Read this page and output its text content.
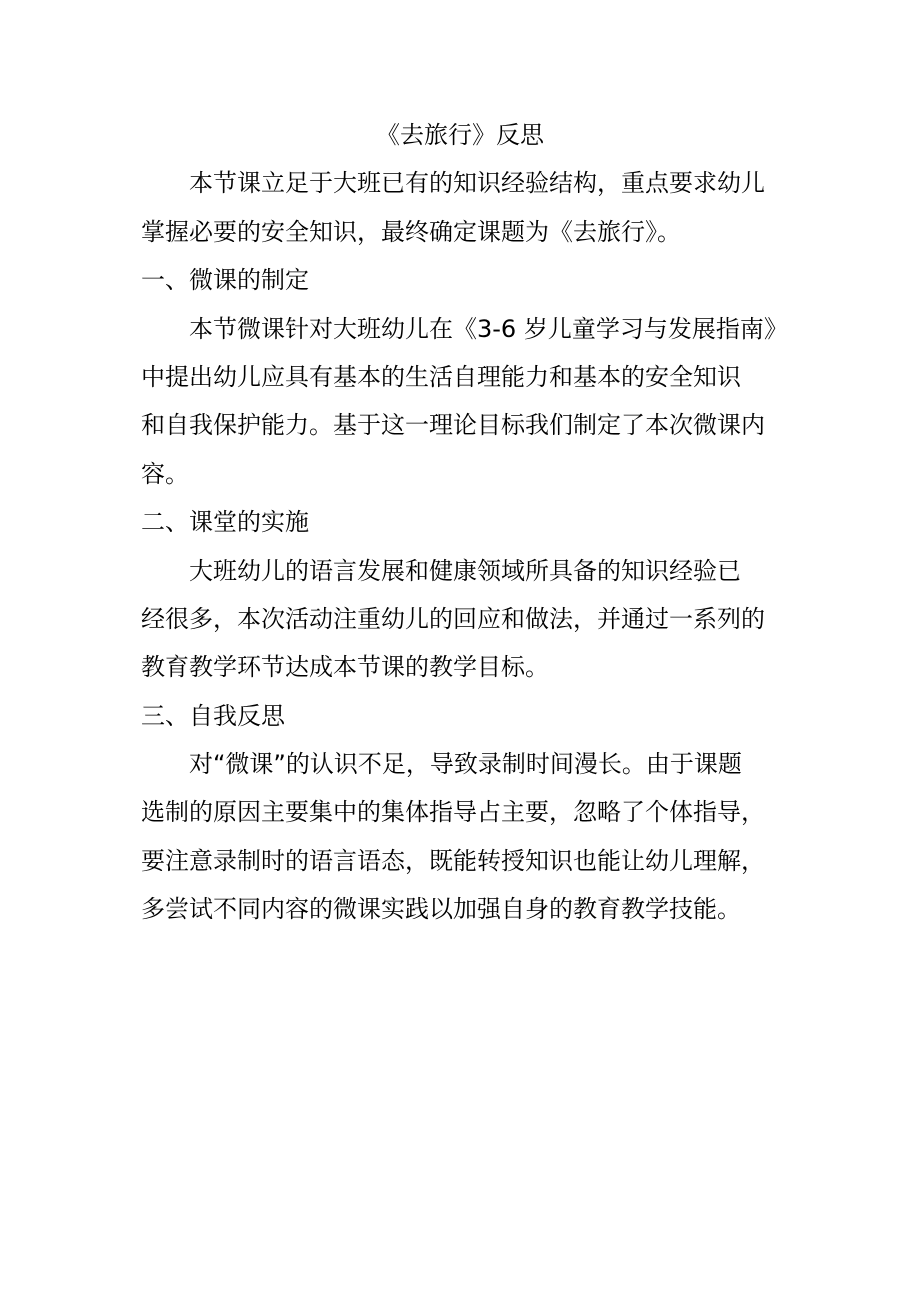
《去旅行》反思
本节课立足于大班已有的知识经验结构，重点要求幼儿
掌握必要的安全知识，最终确定课题为《去旅行》。
一、微课的制定
本节微课针对大班幼儿在《3-6 岁儿童学习与发展指南》
中提出幼儿应具有基本的生活自理能力和基本的安全知识
和自我保护能力。基于这一理论目标我们制定了本次微课内
容。
二、课堂的实施
大班幼儿的语言发展和健康领域所具备的知识经验已
经很多，本次活动注重幼儿的回应和做法，并通过一系列的
教育教学环节达成本节课的教学目标。
三、自我反思
对“微课”的认识不足，导致录制时间漫长。由于课题
选制的原因主要集中的集体指导占主要，忽略了个体指导，
要注意录制时的语言语态，既能转授知识也能让幼儿理解，
多尝试不同内容的微课实践以加强自身的教育教学技能。
